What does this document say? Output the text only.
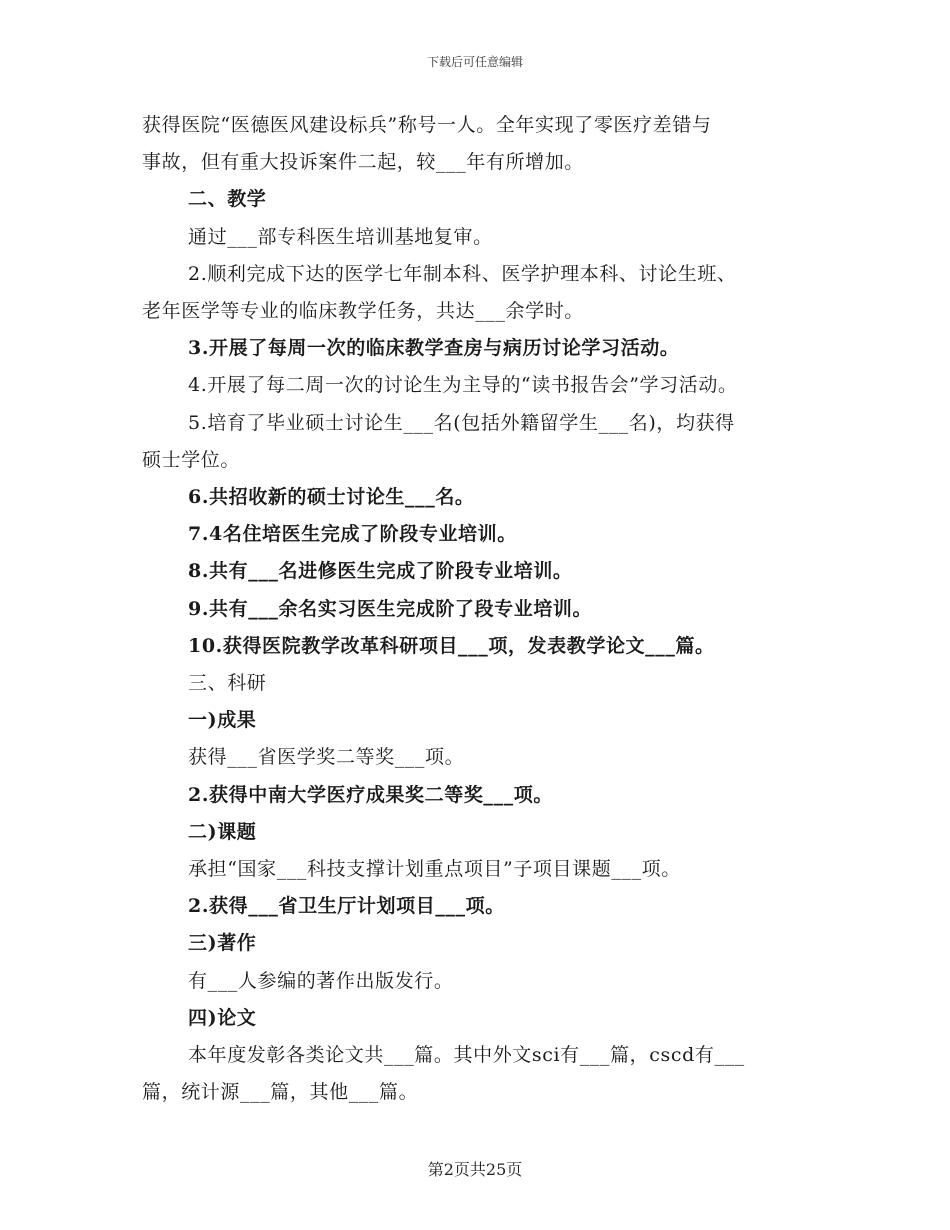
下载后可任意编辑
获得医院“医德医风建设标兵”称号一人。全年实现了零医疗差错与
事故，但有重大投诉案件二起，较___年有所增加。
二、教学
通过___部专科医生培训基地复审。
2.顺利完成下达的医学七年制本科、医学护理本科、讨论生班、
老年医学等专业的临床教学任务，共达___余学时。
3.开展了每周一次的临床教学查房与病历讨论学习活动。
4.开展了每二周一次的讨论生为主导的“读书报告会”学习活动。
5.培育了毕业硕士讨论生___名(包括外籍留学生___名)，均获得
硕士学位。
6.共招收新的硕士讨论生___名。
7.4名住培医生完成了阶段专业培训。
8.共有___名进修医生完成了阶段专业培训。
9.共有___余名实习医生完成阶了段专业培训。
10.获得医院教学改革科研项目___项，发表教学论文___篇。
三、科研
一)成果
获得___省医学奖二等奖___项。
2.获得中南大学医疗成果奖二等奖___项。
二)课题
承担“国家___科技支撑计划重点项目”子项目课题___项。
2.获得___省卫生厅计划项目___项。
三)著作
有___人参编的著作出版发行。
四)论文
本年度发彰各类论文共___篇。其中外文sci有___篇，cscd有___
篇，统计源___篇，其他___篇。
第2页共25页
